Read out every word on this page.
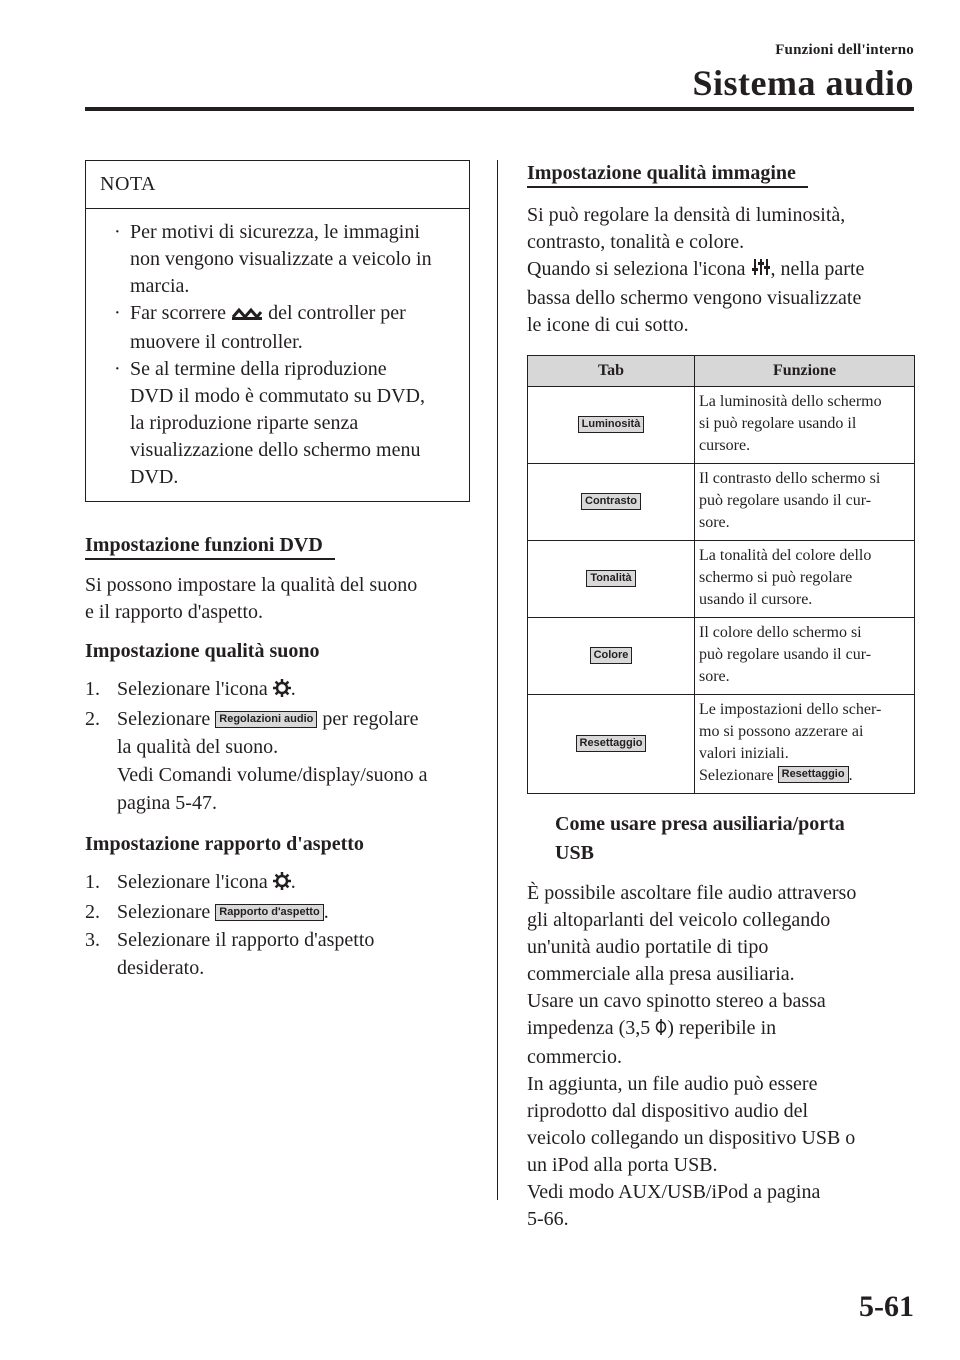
Funzioni dell'interno
Sistema audio
NOTA
· Per motivi di sicurezza, le immagini
non vengono visualizzate a veicolo in
marcia.
· Far scorrere del controller per
muovere il controller.
· Se al termine della riproduzione
DVD il modo è commutato su DVD,
la riproduzione riparte senza
visualizzazione dello schermo menu
DVD.
Impostazione funzioni DVD
Si possono impostare la qualità del suono
e il rapporto d'aspetto.
Impostazione qualità suono
1. Selezionare l'icona .
2. Selezionare Regolazioni audio per regolare
la qualità del suono.
Vedi Comandi volume/display/suono a
pagina 5-47.
Impostazione rapporto d'aspetto
1. Selezionare l'icona .
2. Selezionare Rapporto d'aspetto .
3. Selezionare il rapporto d'aspetto
desiderato.
Impostazione qualità immagine
Si può regolare la densità di luminosità,
contrasto, tonalità e colore.
Quando si seleziona l'icona , nella parte
bassa dello schermo vengono visualizzate
le icone di cui sotto.
Tab	Funzione
Luminosità	La luminosità dello schermo
si può regolare usando il
cursore.

Contrasto	Il contrasto dello schermo si
può regolare usando il cur-
sore.

Tonalità	La tonalità del colore dello
schermo si può regolare
usando il cursore.

Colore	Il colore dello schermo si
può regolare usando il cur-
sore.

Resettaggio	Le impostazioni dello scher-
mo si possono azzerare ai
valori iniziali.
Selezionare Resettaggio .
Come usare presa ausiliaria/porta
USB
È possibile ascoltare file audio attraverso
gli altoparlanti del veicolo collegando
un'unità audio portatile di tipo
commerciale alla presa ausiliaria.
Usare un cavo spinotto stereo a bassa
impedenza (3,5 ) reperibile in
commercio.
In aggiunta, un file audio può essere
riprodotto dal dispositivo audio del
veicolo collegando un dispositivo USB o
un iPod alla porta USB.
Vedi modo AUX/USB/iPod a pagina
5-66.
5-61
